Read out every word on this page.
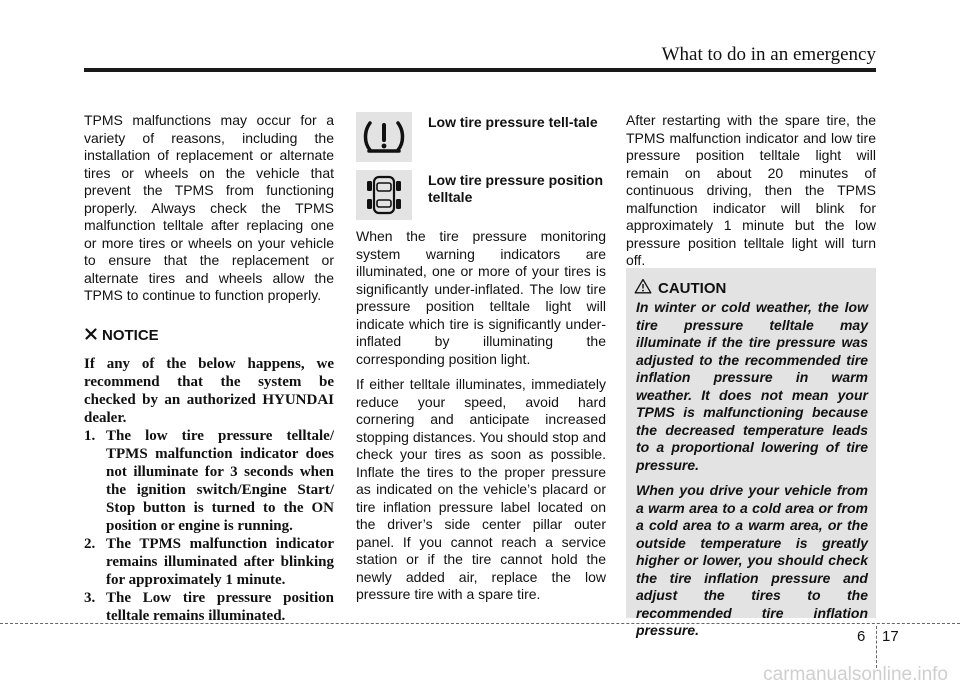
What to do in an emergency
TPMS malfunctions may occur for a variety of reasons, including the installation of replacement or alternate tires or wheels on the vehicle that prevent the TPMS from functioning properly. Always check the TPMS malfunction telltale after replacing one or more tires or wheels on your vehicle to ensure that the replacement or alternate tires and wheels allow the TPMS to continue to function properly.
NOTICE
If any of the below happens, we recommend that the system be checked by an authorized HYUNDAI dealer.
1. The low tire pressure telltale/ TPMS malfunction indicator does not illuminate for 3 seconds when the ignition switch/Engine Start/ Stop button is turned to the ON position or engine is running.
2. The TPMS malfunction indicator remains illuminated after blinking for approximately 1 minute.
3. The Low tire pressure position telltale remains illuminated.
Low tire pressure tell-tale
Low tire pressure position telltale

When the tire pressure monitoring system warning indicators are illuminated, one or more of your tires is significantly under-inflated. The low tire pressure position telltale light will indicate which tire is significantly under-inflated by illuminating the corresponding position light.

If either telltale illuminates, immediately reduce your speed, avoid hard cornering and anticipate increased stopping distances. You should stop and check your tires as soon as possible. Inflate the tires to the proper pressure as indicated on the vehicle’s placard or tire inflation pressure label located on the driver’s side center pillar outer panel. If you cannot reach a service station or if the tire cannot hold the newly added air, replace the low pressure tire with a spare tire.

After restarting with the spare tire, the TPMS malfunction indicator and low tire pressure position telltale light will remain on about 20 minutes of continuous driving, then the TPMS malfunction indicator will blink for approximately 1 minute but the low pressure position telltale light will turn off.
CAUTION

In winter or cold weather, the low tire pressure telltale may illuminate if the tire pressure was adjusted to the recommended tire inflation pressure in warm weather. It does not mean your TPMS is malfunctioning because the decreased temperature leads to a proportional lowering of tire pressure.

When you drive your vehicle from a warm area to a cold area or from a cold area to a warm area, or the outside temperature is greatly higher or lower, you should check the tire inflation pressure and adjust the tires to the recommended tire inflation pressure.	6 17
carmanualsonline.info
